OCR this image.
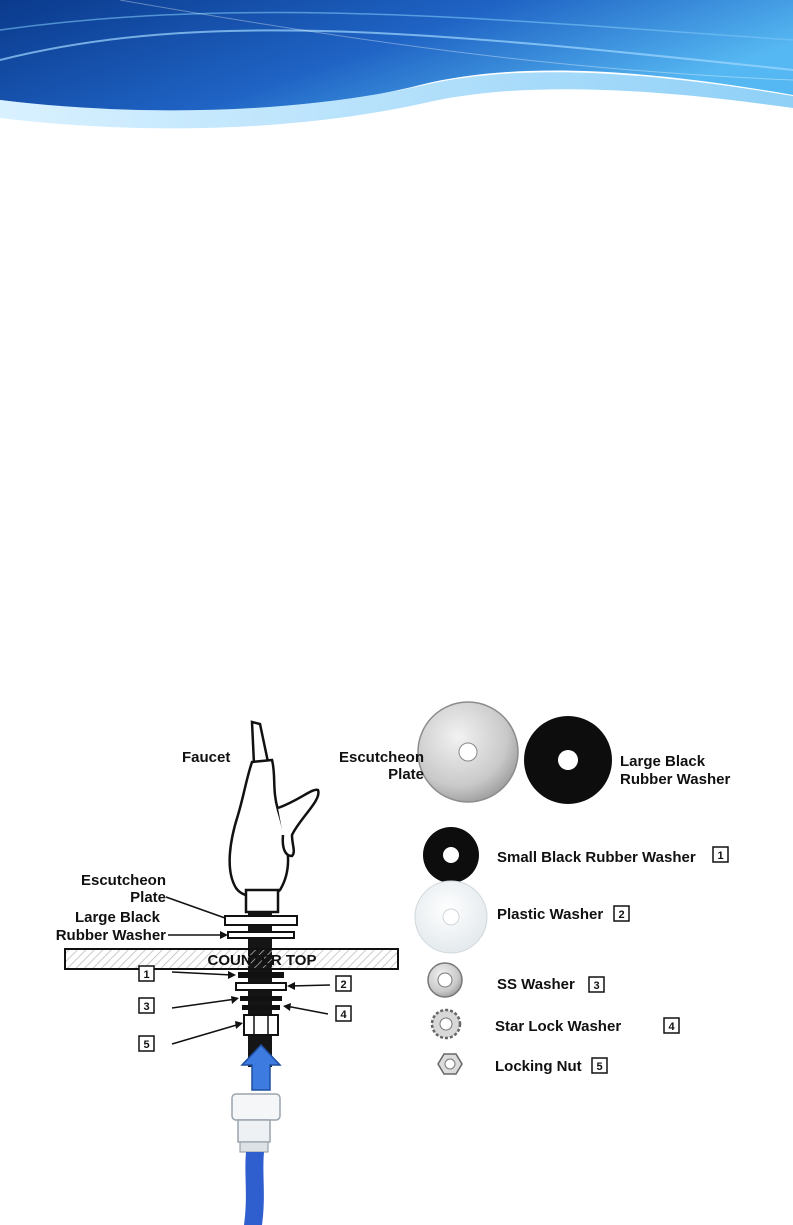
COUNTER TOP
Faucet
Escutcheon
Plate
Large Black
Rubber Washer
1
2
3
4
5
Escutcheon
Plate
Large Black
Rubber Washer
Small Black Rubber Washer 1
Plastic Washer 2
SS Washer 3
Star Lock Washer	4
Locking Nut 5
